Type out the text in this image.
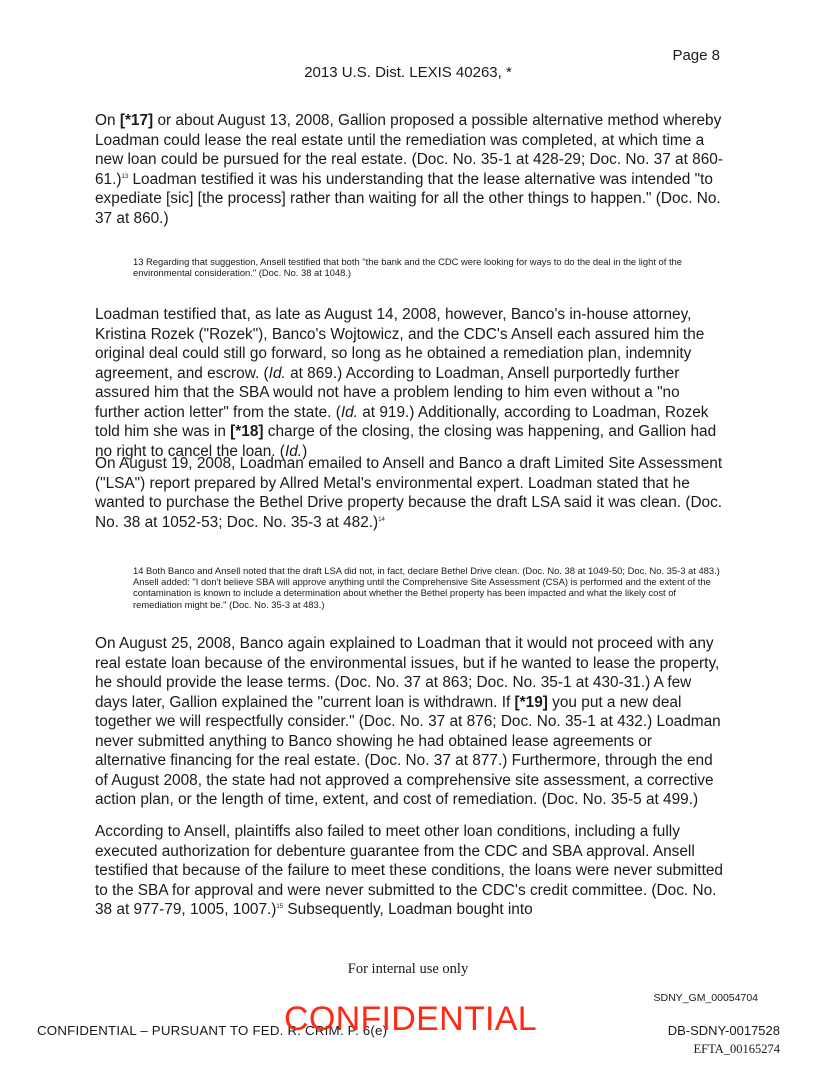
Page 8
2013 U.S. Dist. LEXIS 40263, *

On [*17] or about August 13, 2008, Gallion proposed a possible alternative method whereby Loadman could lease the real estate until the remediation was completed, at which time a new loan could be pursued for the real estate. (Doc. No. 35-1 at 428-29; Doc. No. 37 at 860-61.)$^{13}$ Loadman testified it was his understanding that the lease alternative was intended "to expediate [sic] [the process] rather than waiting for all the other things to happen." (Doc. No. 37 at 860.)

13 Regarding that suggestion, Ansell testified that both "the bank and the CDC were looking for ways to do the deal in the light of the environmental consideration." (Doc. No. 38 at 1048.)

Loadman testified that, as late as August 14, 2008, however, Banco's in-house attorney, Kristina Rozek ("Rozek"), Banco's Wojtowicz, and the CDC's Ansell each assured him the original deal could still go forward, so long as he obtained a remediation plan, indemnity agreement, and escrow. (Id. at 869.) According to Loadman, Ansell purportedly further assured him that the SBA would not have a problem lending to him even without a "no further action letter" from the state. (Id. at 919.) Additionally, according to Loadman, Rozek told him she was in [*18] charge of the closing, the closing was happening, and Gallion had no right to cancel the loan. (Id.)

On August 19, 2008, Loadman emailed to Ansell and Banco a draft Limited Site Assessment ("LSA") report prepared by Allred Metal's environmental expert. Loadman stated that he wanted to purchase the Bethel Drive property because the draft LSA said it was clean. (Doc. No. 38 at 1052-53; Doc. No. 35-3 at 482.)$^{14}$

14 Both Banco and Ansell noted that the draft LSA did not, in fact, declare Bethel Drive clean. (Doc. No. 38 at 1049-50; Doc. No. 35-3 at 483.) Ansell added: "I don't believe SBA will approve anything until the Comprehensive Site Assessment (CSA) is performed and the extent of the contamination is known to include a determination about whether the Bethel property has been impacted and what the likely cost of remediation might be." (Doc. No. 35-3 at 483.)

On August 25, 2008, Banco again explained to Loadman that it would not proceed with any real estate loan because of the environmental issues, but if he wanted to lease the property, he should provide the lease terms. (Doc. No. 37 at 863; Doc. No. 35-1 at 430-31.) A few days later, Gallion explained the "current loan is withdrawn. If [*19] you put a new deal together we will respectfully consider." (Doc. No. 37 at 876; Doc. No. 35-1 at 432.) Loadman never submitted anything to Banco showing he had obtained lease agreements or alternative financing for the real estate. (Doc. No. 37 at 877.) Furthermore, through the end of August 2008, the state had not approved a comprehensive site assessment, a corrective action plan, or the length of time, extent, and cost of remediation. (Doc. No. 35-5 at 499.)

According to Ansell, plaintiffs also failed to meet other loan conditions, including a fully executed authorization for debenture guarantee from the CDC and SBA approval. Ansell testified that because of the failure to meet these conditions, the loans were never submitted to the SBA for approval and were never submitted to the CDC's credit committee. (Doc. No. 38 at 977-79, 1005, 1007.)$^{15}$ Subsequently, Loadman bought into

For internal use only
SDNY_GM_00054704
CONFIDENTIAL – PURSUANT TO FED. R. CRIM. P. 6(e)
CONFIDENTIAL	DB-SDNY-0017528
EFTA_00165274
